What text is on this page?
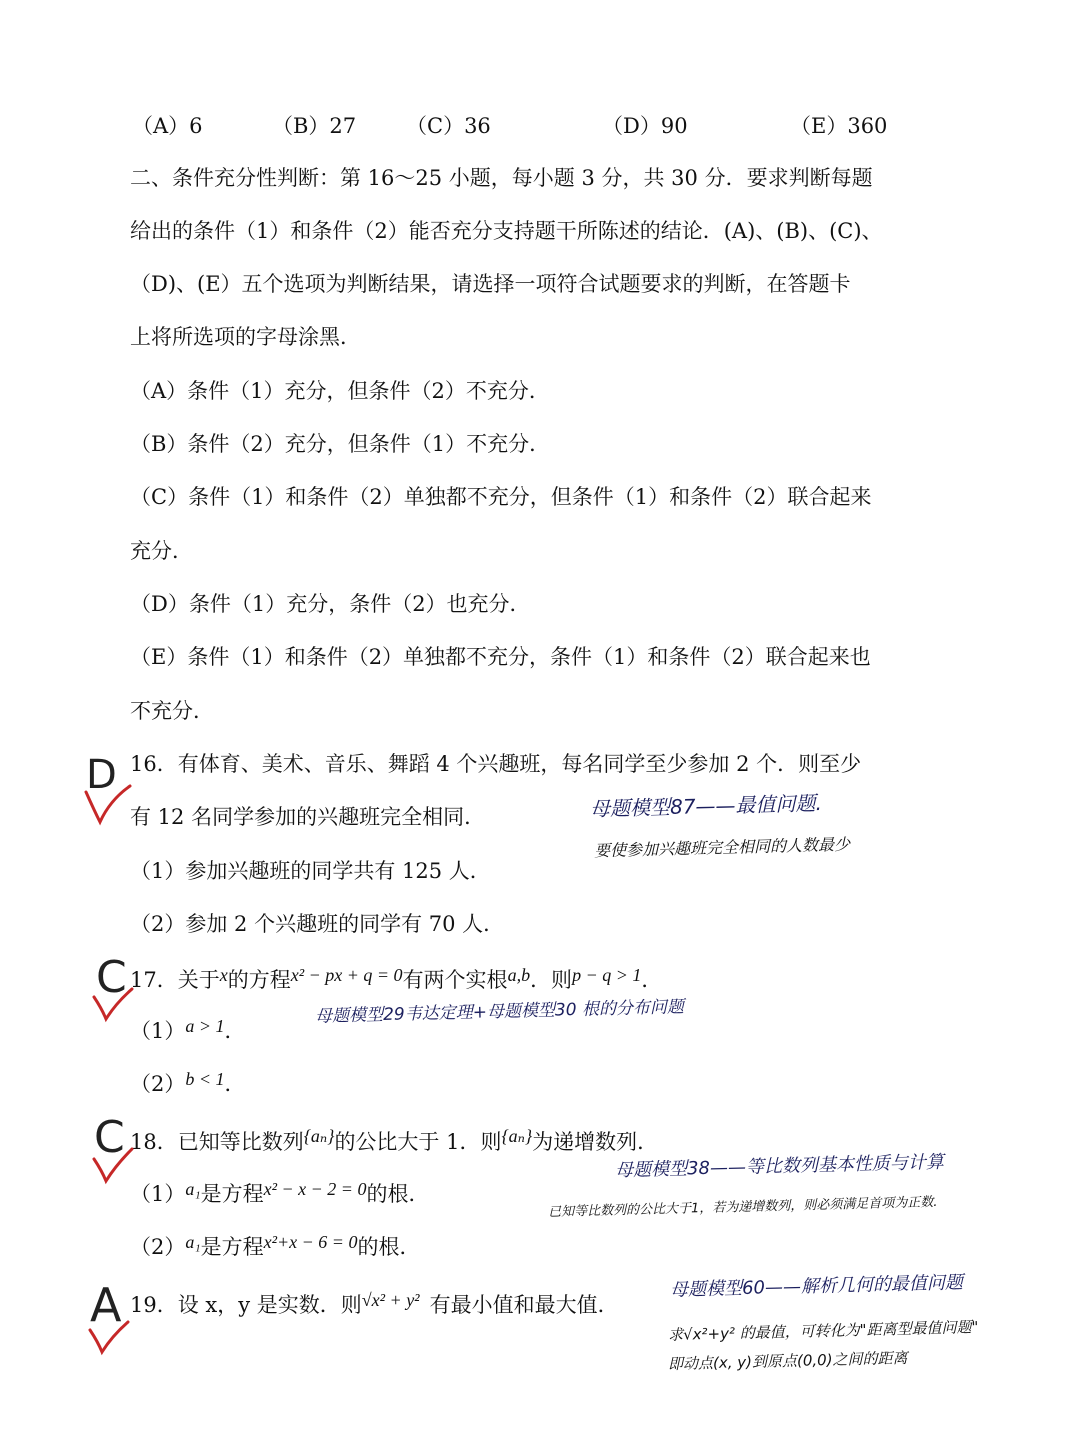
（A）6	（B）27 （C）36	（D）90	（E）360
二、条件充分性判断：第 16～25 小题，每小题 3 分，共 30 分．要求判断每题
给出的条件（1）和条件（2）能否充分支持题干所陈述的结论．(A)、(B)、(C)、
（D)、(E）五个选项为判断结果，请选择一项符合试题要求的判断，在答题卡
上将所选项的字母涂黑．
（A）条件（1）充分，但条件（2）不充分．
（B）条件（2）充分，但条件（1）不充分．
（C）条件（1）和条件（2）单独都不充分，但条件（1）和条件（2）联合起来
充分．
（D）条件（1）充分，条件（2）也充分．
（E）条件（1）和条件（2）单独都不充分，条件（1）和条件（2）联合起来也
不充分．
16．有体育、美术、音乐、舞蹈 4 个兴趣班，每名同学至少参加 2 个．则至少
有 12 名同学参加的兴趣班完全相同．
（1）参加兴趣班的同学共有 125 人．
（2）参加 2 个兴趣班的同学有 70 人．
母题模型87——最值问题.
要使参加兴趣班完全相同的人数最少
D
17．关于x的方程x² − px + q = 0有两个实根a,b．则p − q > 1．
（1）a > 1．
（2）b < 1．
母题模型29韦达定理+母题模型30 根的分布问题
C
18．已知等比数列{aₙ}的公比大于 1．则{aₙ}为递增数列．
（1）a₁是方程x² − x − 2 = 0的根．
（2）a₁是方程x²+x − 6 = 0的根．
母题模型38——等比数列基本性质与计算
已知等比数列的公比大于1，若为递增数列，则必须满足首项为正数.
C
19．设 x，y 是实数．则√x² + y² 有最小值和最大值．
母题模型60——解析几何的最值问题
求√x²+y² 的最值，可转化为"距离型最值问题"
即动点(x, y)到原点(0,0)之间的距离
A
